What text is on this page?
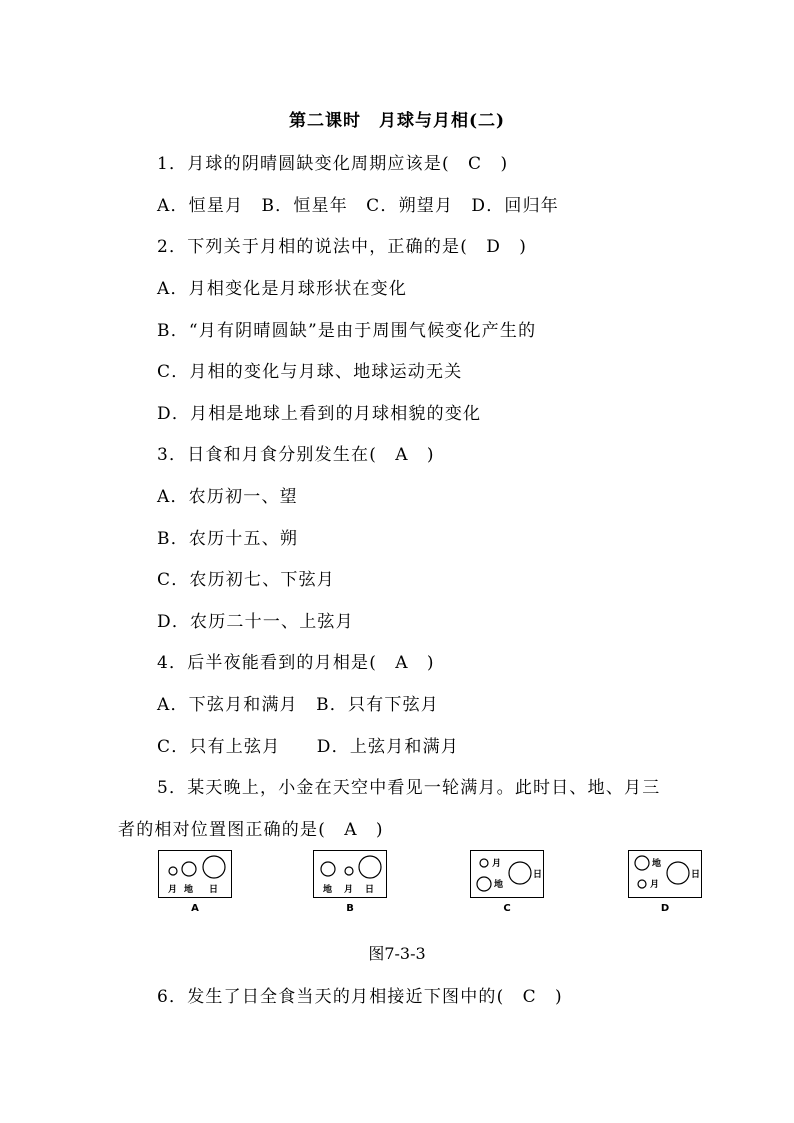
第二课时　月球与月相(二)
1．月球的阴晴圆缺变化周期应该是(　C　)
A．恒星月　B．恒星年　C．朔望月　D．回归年
2．下列关于月相的说法中，正确的是(　D　)
A．月相变化是月球形状在变化
B．“月有阴晴圆缺”是由于周围气候变化产生的
C．月相的变化与月球、地球运动无关
D．月相是地球上看到的月球相貌的变化
3．日食和月食分别发生在(　A　)
A．农历初一、望
B．农历十五、朔
C．农历初七、下弦月
D．农历二十一、上弦月
4．后半夜能看到的月相是(　A　)
A．下弦月和满月　B．只有下弦月
C．只有上弦月　　D．上弦月和满月
5．某天晚上，小金在天空中看见一轮满月。此时日、地、月三
者的相对位置图正确的是(　A　)
月 地 日
A
地 月 日
B
月
地
日
C
地
月
日
D
图7-3-3
6．发生了日全食当天的月相接近下图中的(　C　)
